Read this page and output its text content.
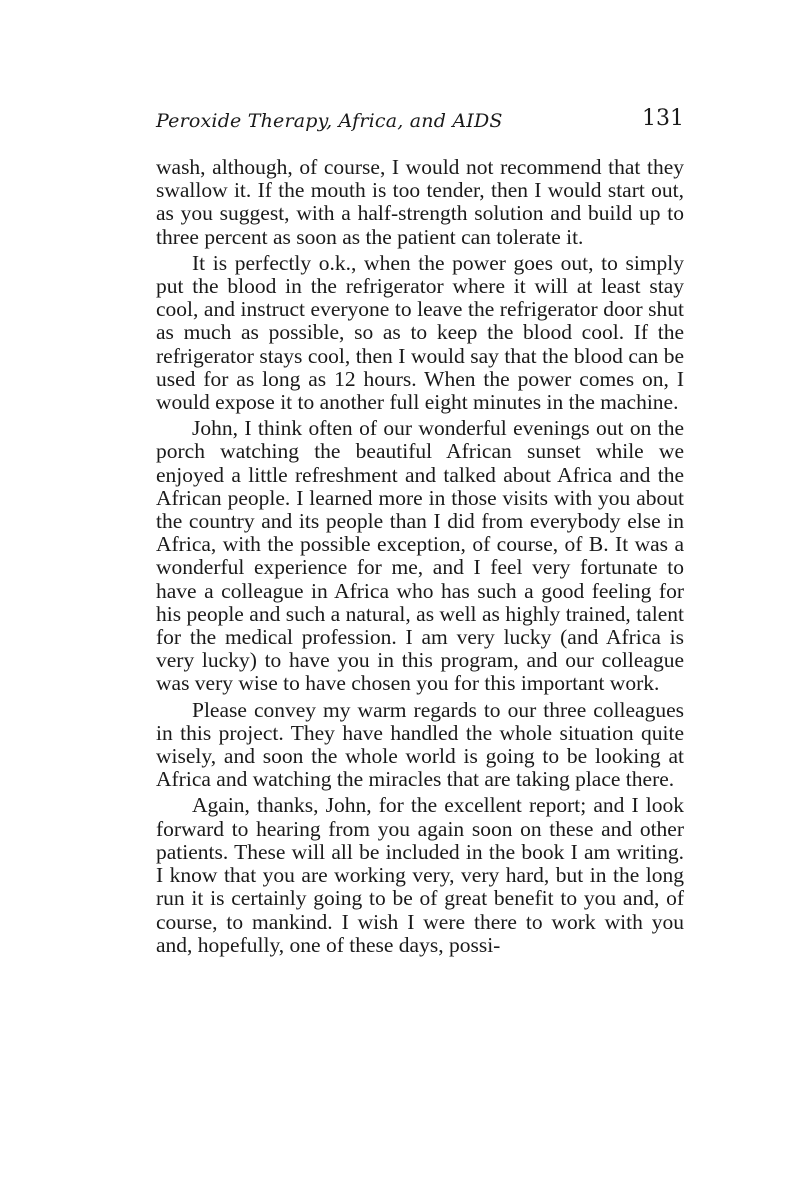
Peroxide Therapy, Africa, and AIDS	131

wash, although, of course, I would not recommend that they swallow it. If the mouth is too tender, then I would start out, as you suggest, with a half-strength solution and build up to three percent as soon as the patient can tolerate it.

It is perfectly o.k., when the power goes out, to simply put the blood in the refrigerator where it will at least stay cool, and instruct everyone to leave the refrigerator door shut as much as possible, so as to keep the blood cool. If the refrigerator stays cool, then I would say that the blood can be used for as long as 12 hours. When the power comes on, I would expose it to another full eight minutes in the machine.

John, I think often of our wonderful evenings out on the porch watching the beautiful African sunset while we enjoyed a little refreshment and talked about Africa and the African people. I learned more in those visits with you about the country and its people than I did from everybody else in Africa, with the possible exception, of course, of B. It was a wonderful experience for me, and I feel very fortunate to have a colleague in Africa who has such a good feeling for his people and such a natural, as well as highly trained, talent for the medical profession. I am very lucky (and Africa is very lucky) to have you in this program, and our colleague was very wise to have chosen you for this important work.

Please convey my warm regards to our three colleagues in this project. They have handled the whole situation quite wisely, and soon the whole world is going to be looking at Africa and watching the miracles that are taking place there.

Again, thanks, John, for the excellent report; and I look forward to hearing from you again soon on these and other patients. These will all be included in the book I am writing. I know that you are working very, very hard, but in the long run it is certainly going to be of great benefit to you and, of course, to mankind. I wish I were there to work with you and, hopefully, one of these days, possi-
